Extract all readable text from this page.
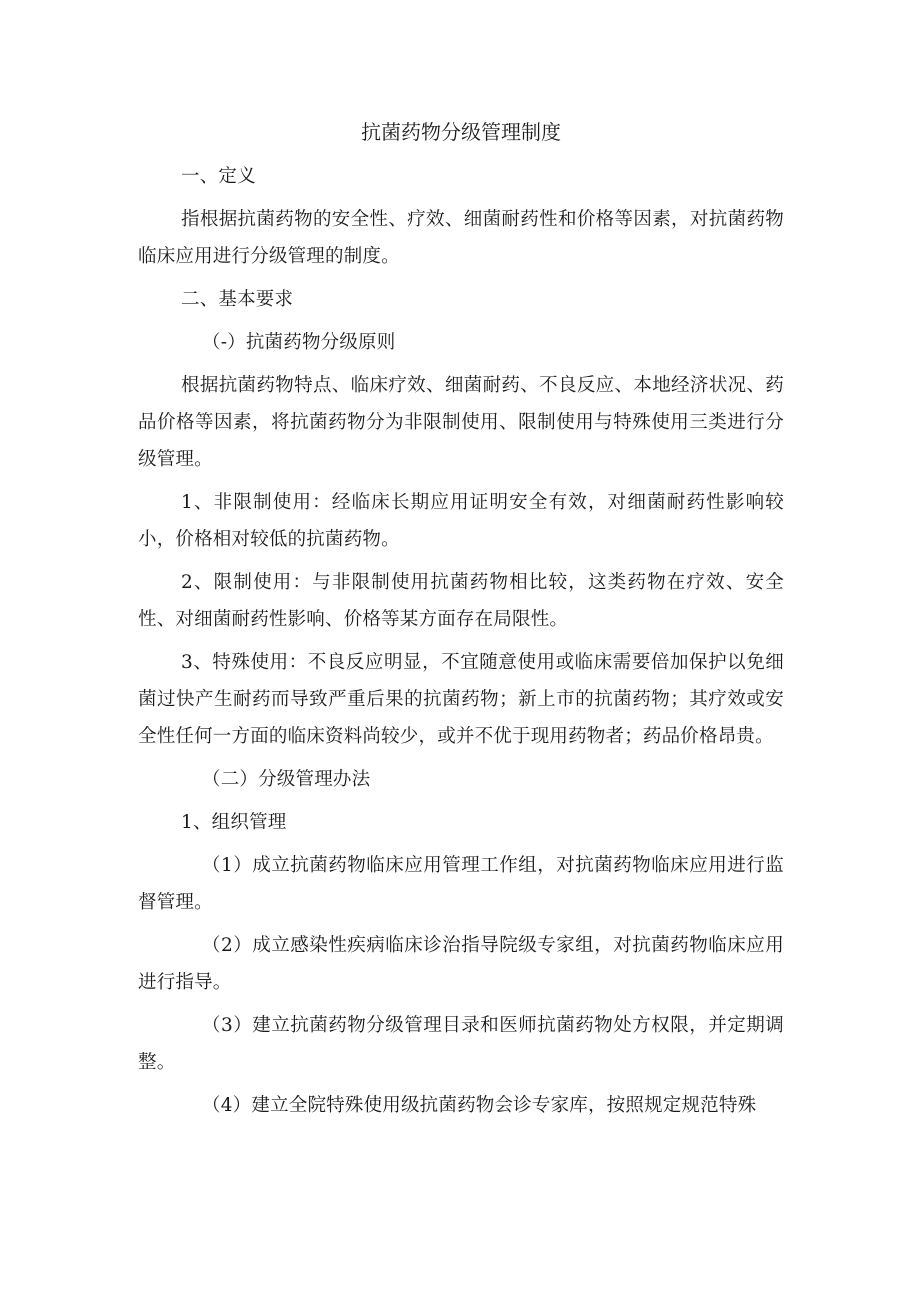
抗菌药物分级管理制度

一、定义

指根据抗菌药物的安全性、疗效、细菌耐药性和价格等因素，对抗菌药物临床应用进行分级管理的制度。

二、基本要求

（-）抗菌药物分级原则

根据抗菌药物特点、临床疗效、细菌耐药、不良反应、本地经济状况、药品价格等因素，将抗菌药物分为非限制使用、限制使用与特殊使用三类进行分级管理。

1、非限制使用：经临床长期应用证明安全有效，对细菌耐药性影响较小，价格相对较低的抗菌药物。

2、限制使用：与非限制使用抗菌药物相比较，这类药物在疗效、安全性、对细菌耐药性影响、价格等某方面存在局限性。

3、特殊使用：不良反应明显，不宜随意使用或临床需要倍加保护以免细菌过快产生耐药而导致严重后果的抗菌药物；新上市的抗菌药物；其疗效或安全性任何一方面的临床资料尚较少，或并不优于现用药物者；药品价格昂贵。

（二）分级管理办法

1、组织管理

（1）成立抗菌药物临床应用管理工作组，对抗菌药物临床应用进行监督管理。

（2）成立感染性疾病临床诊治指导院级专家组，对抗菌药物临床应用进行指导。

（3）建立抗菌药物分级管理目录和医师抗菌药物处方权限，并定期调整。

（4）建立全院特殊使用级抗菌药物会诊专家库，按照规定规范特殊
